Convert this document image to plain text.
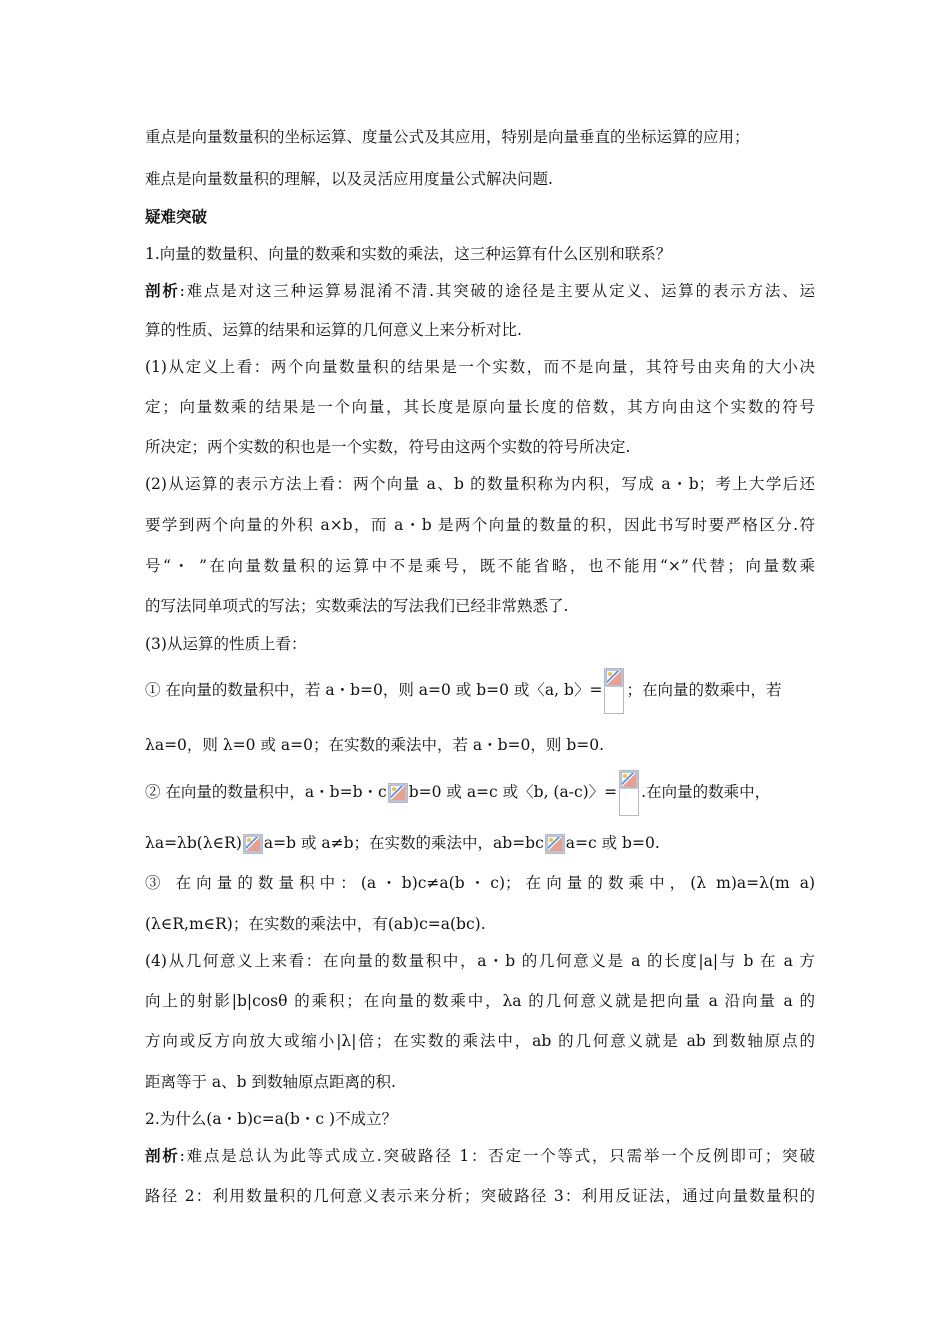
重点是向量数量积的坐标运算、度量公式及其应用，特别是向量垂直的坐标运算的应用；
难点是向量数量积的理解，以及灵活应用度量公式解决问题.
疑难突破
1.向量的数量积、向量的数乘和实数的乘法，这三种运算有什么区别和联系？
剖析:难点是对这三种运算易混淆不清.其突破的途径是主要从定义、运算的表示方法、运
算的性质、运算的结果和运算的几何意义上来分析对比.
(1)从定义上看：两个向量数量积的结果是一个实数，而不是向量，其符号由夹角的大小决
定；向量数乘的结果是一个向量，其长度是原向量长度的倍数，其方向由这个实数的符号
所决定；两个实数的积也是一个实数，符号由这两个实数的符号所决定.
(2)从运算的表示方法上看：两个向量 a、b 的数量积称为内积，写成 a・b；考上大学后还
要学到两个向量的外积 a×b，而 a・b 是两个向量的数量的积，因此书写时要严格区分.符
号“・ ”在向量数量积的运算中不是乘号，既不能省略，也不能用“×”代替；向量数乘
的写法同单项式的写法；实数乘法的写法我们已经非常熟悉了.
(3)从运算的性质上看：
① 在向量的数量积中，若 a・b=0，则 a=0 或 b=0 或〈a, b〉= ；在向量的数乘中，若
λa=0，则 λ=0 或 a=0；在实数的乘法中，若 a・b=0，则 b=0.
② 在向量的数量积中，a・b=b・c b=0 或 a=c 或〈b, (a-c)〉= .在向量的数乘中，
λa=λb(λ∈R) a=b 或 a≠b；在实数的乘法中，ab=bc a=c 或 b=0.
③ 在向量的数量积中：(a・b)c≠a(b・c)；在向量的数乘中，(λ m)a=λ(m a)
(λ∈R,m∈R)；在实数的乘法中，有(ab)c=a(bc).
(4)从几何意义上来看：在向量的数量积中，a・b 的几何意义是 a 的长度|a|与 b 在 a 方
向上的射影|b|cosθ 的乘积；在向量的数乘中，λa 的几何意义就是把向量 a 沿向量 a 的
方向或反方向放大或缩小|λ|倍；在实数的乘法中，ab 的几何意义就是 ab 到数轴原点的
距离等于 a、b 到数轴原点距离的积.
2.为什么(a・b)c=a(b・c )不成立？
剖析:难点是总认为此等式成立.突破路径 1：否定一个等式，只需举一个反例即可；突破
路径 2：利用数量积的几何意义表示来分析；突破路径 3：利用反证法，通过向量数量积的
